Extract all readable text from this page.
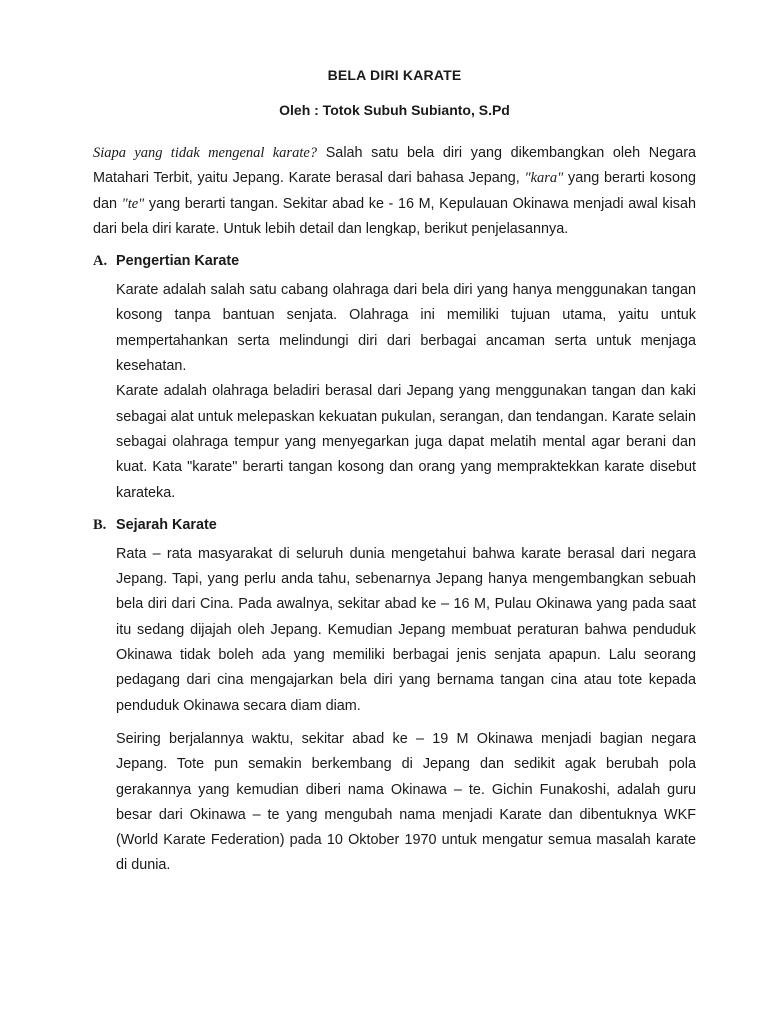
BELA DIRI KARATE
Oleh : Totok Subuh Subianto, S.Pd

Siapa yang tidak mengenal karate? Salah satu bela diri yang dikembangkan oleh Negara Matahari Terbit, yaitu Jepang. Karate berasal dari bahasa Jepang, "kara" yang berarti kosong dan "te" yang berarti tangan. Sekitar abad ke - 16 M, Kepulauan Okinawa menjadi awal kisah dari bela diri karate. Untuk lebih detail dan lengkap, berikut penjelasannya.

A. Pengertian Karate

Karate adalah salah satu cabang olahraga dari bela diri yang hanya menggunakan tangan kosong tanpa bantuan senjata. Olahraga ini memiliki tujuan utama, yaitu untuk mempertahankan serta melindungi diri dari berbagai ancaman serta untuk menjaga kesehatan.

Karate adalah olahraga beladiri berasal dari Jepang yang menggunakan tangan dan kaki sebagai alat untuk melepaskan kekuatan pukulan, serangan, dan tendangan. Karate selain sebagai olahraga tempur yang menyegarkan juga dapat melatih mental agar berani dan kuat. Kata "karate" berarti tangan kosong dan orang yang mempraktekkan karate disebut karateka.

B. Sejarah Karate

Rata – rata masyarakat di seluruh dunia mengetahui bahwa karate berasal dari negara Jepang. Tapi, yang perlu anda tahu, sebenarnya Jepang hanya mengembangkan sebuah bela diri dari Cina. Pada awalnya, sekitar abad ke – 16 M, Pulau Okinawa yang pada saat itu sedang dijajah oleh Jepang. Kemudian Jepang membuat peraturan bahwa penduduk Okinawa tidak boleh ada yang memiliki berbagai jenis senjata apapun. Lalu seorang pedagang dari cina mengajarkan bela diri yang bernama tangan cina atau tote kepada penduduk Okinawa secara diam diam.

Seiring berjalannya waktu, sekitar abad ke – 19 M Okinawa menjadi bagian negara Jepang. Tote pun semakin berkembang di Jepang dan sedikit agak berubah pola gerakannya yang kemudian diberi nama Okinawa – te. Gichin Funakoshi, adalah guru besar dari Okinawa – te yang mengubah nama menjadi Karate dan dibentuknya WKF (World Karate Federation) pada 10 Oktober 1970 untuk mengatur semua masalah karate di dunia.
